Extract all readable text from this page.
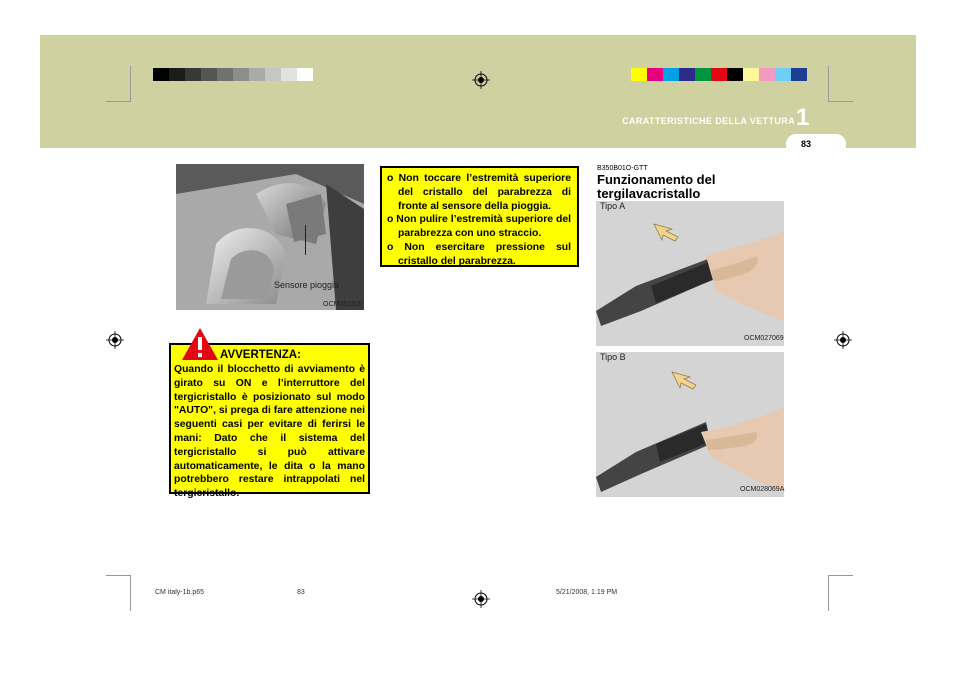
CARATTERISTICHE DELLA VETTURA 1
83
Sensore pioggia
OCM052300
AVVERTENZA:
Quando il blocchetto di avviamento è girato su ON e l’interruttore del tergicristallo è posizionato sul modo "AUTO", si prega di fare attenzione nei seguenti casi per evitare di ferirsi le mani: Dato che il sistema del tergicristallo si può attivare automaticamente, le dita o la mano potrebbero restare intrappolati nel tergicristallo.
o Non toccare l’estremità superiore del cristallo del parabrezza di fronte al sensore della pioggia.
o Non pulire l’estremità superiore del parabrezza con uno straccio.
o Non esercitare pressione sul cristallo del parabrezza.
B350B01O-GTT
Funzionamento del tergilavacristallo
Tipo A
OCM027069
Tipo B
OCM028069A
CM italy-1b.p65	83	5/21/2008, 1:19 PM
